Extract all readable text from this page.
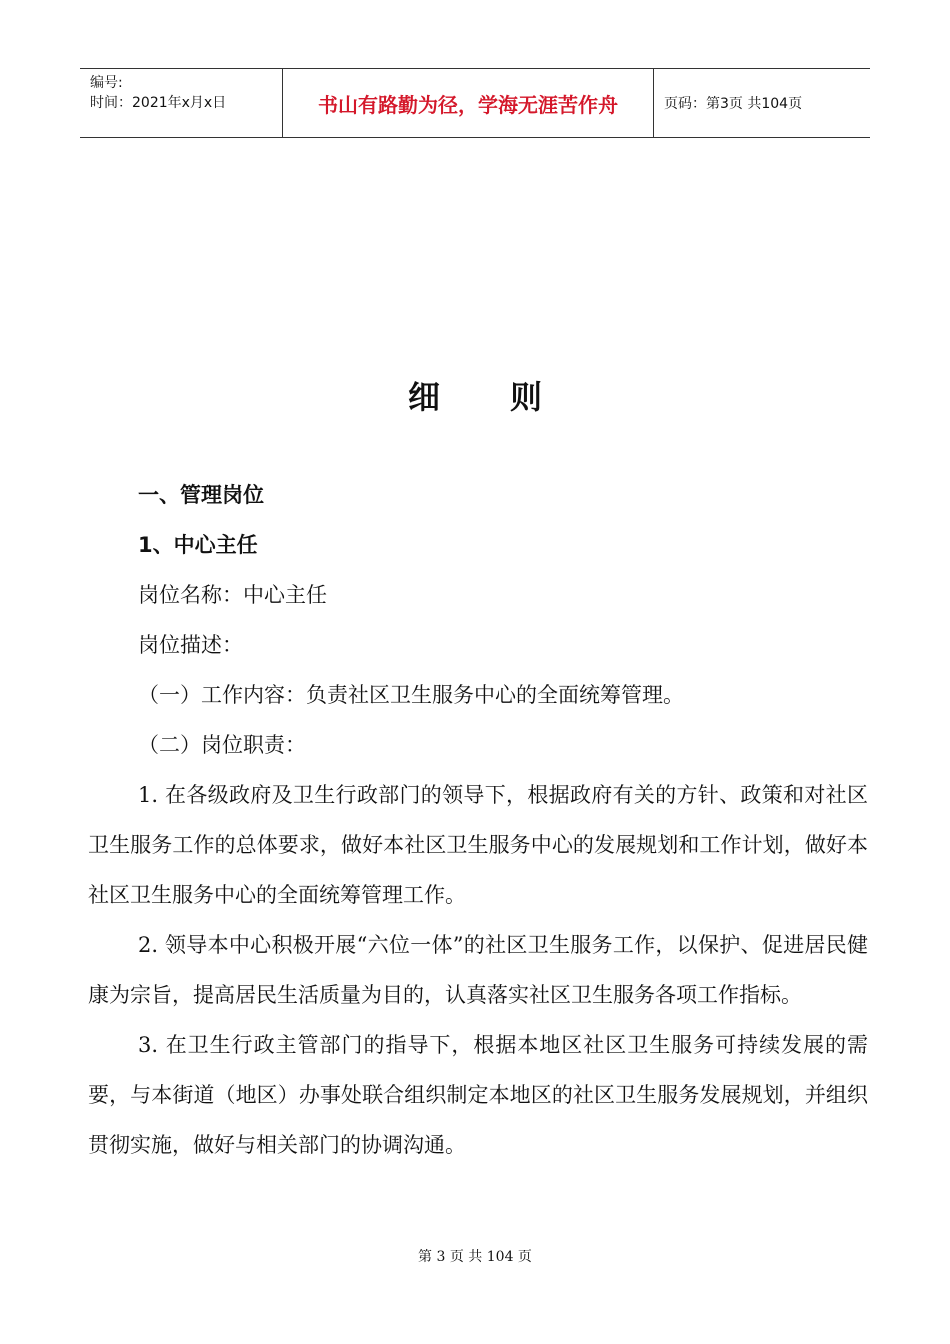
编号:
时间：2021年x月x日	书山有路勤为径，学海无涯苦作舟	页码：第3页 共104页
细则

一、管理岗位

1、中心主任

岗位名称：中心主任

岗位描述：

（一）工作内容：负责社区卫生服务中心的全面统筹管理。

（二）岗位职责：

1. 在各级政府及卫生行政部门的领导下，根据政府有关的方针、政策和对社区卫生服务工作的总体要求，做好本社区卫生服务中心的发展规划和工作计划，做好本社区卫生服务中心的全面统筹管理工作。

2. 领导本中心积极开展“六位一体”的社区卫生服务工作，以保护、促进居民健康为宗旨，提高居民生活质量为目的，认真落实社区卫生服务各项工作指标。

3. 在卫生行政主管部门的指导下，根据本地区社区卫生服务可持续发展的需要，与本街道（地区）办事处联合组织制定本地区的社区卫生服务发展规划，并组织贯彻实施，做好与相关部门的协调沟通。

第 3 页 共 104 页
